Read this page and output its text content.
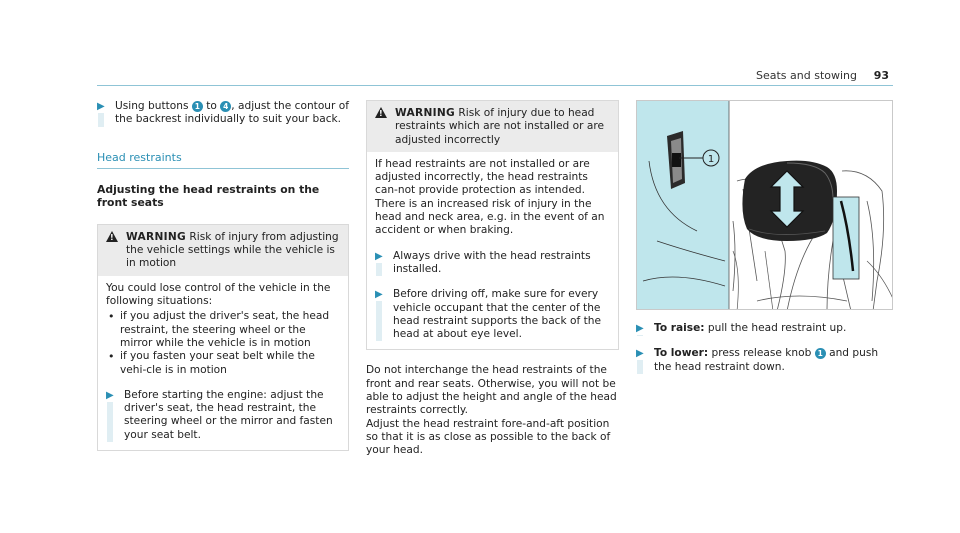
Seats and stowing 93
▶ Using buttons 1 to 4 , adjust the contour of the backrest individually to suit your back.
Head restraints
Adjusting the head restraints on the front seats
!
WARNING Risk of injury from adjusting the vehicle settings while the vehicle is in motion

You could lose control of the vehicle in the following situations:

• if you adjust the driver's seat, the head restraint, the steering wheel or the mirror while the vehicle is in motion
• if you fasten your seat belt while the vehi-cle is in motion
▶ Before starting the engine: adjust the driver's seat, the head restraint, the steering wheel or the mirror and fasten your seat belt.
!
WARNING Risk of injury due to head restraints which are not installed or are adjusted incorrectly

If head restraints are not installed or are adjusted incorrectly, the head restraints can-not provide protection as intended.

There is an increased risk of injury in the head and neck area, e.g. in the event of an accident or when braking.

▶ Always drive with the head restraints installed.
▶ Before driving off, make sure for every vehicle occupant that the center of the head restraint supports the back of the head at about eye level.

Do not interchange the head restraints of the front and rear seats. Otherwise, you will not be able to adjust the height and angle of the head restraints correctly.

Adjust the head restraint fore-and-aft position so that it is as close as possible to the back of your head.

1
▶ To raise: pull the head restraint up.
▶ To lower: press release knob 1 and push the head restraint down.
